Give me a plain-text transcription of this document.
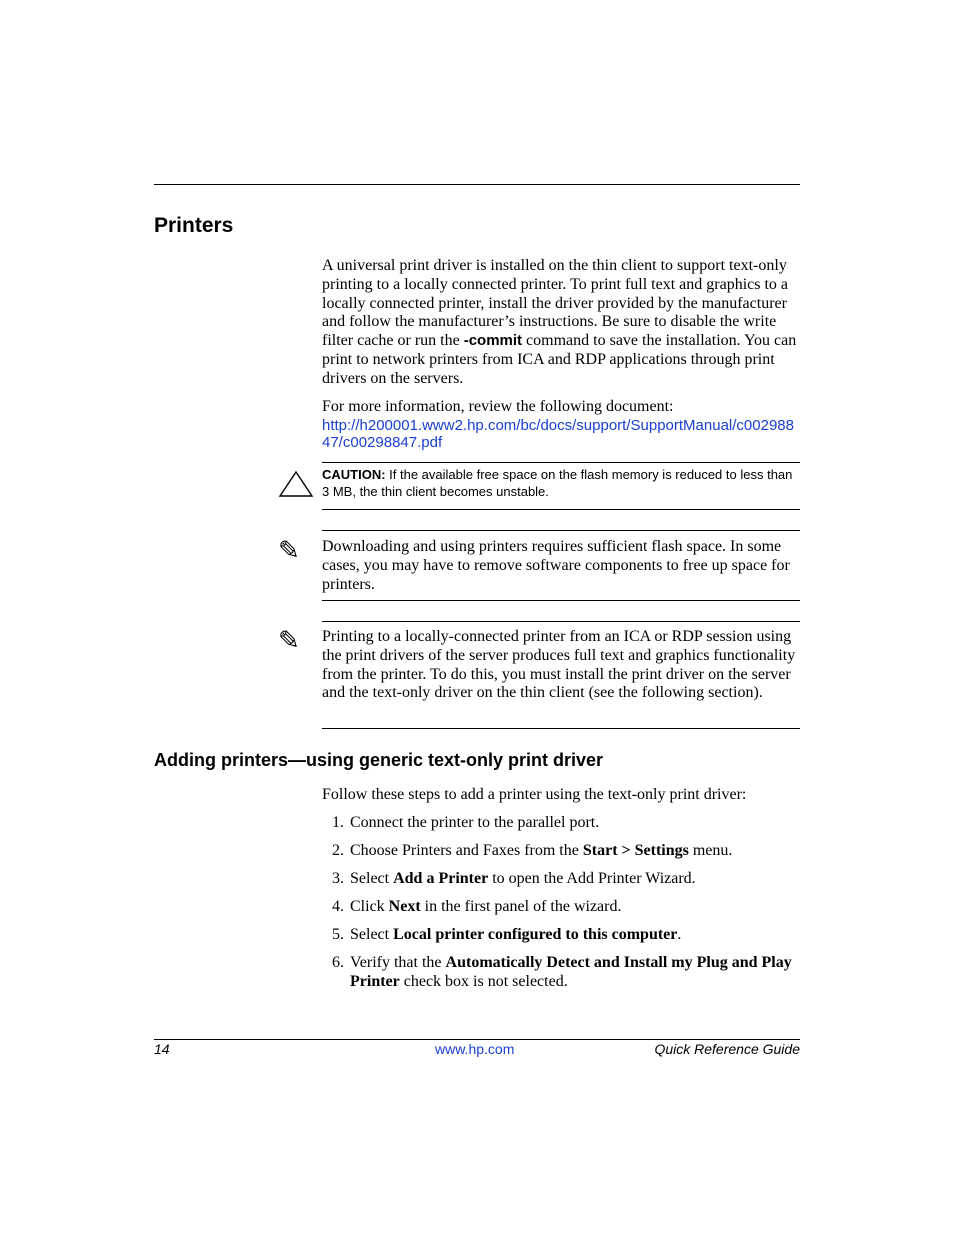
Printers

A universal print driver is installed on the thin client to support text-only printing to a locally connected printer. To print full text and graphics to a locally connected printer, install the driver provided by the manufacturer and follow the manufacturer’s instructions. Be sure to disable the write filter cache or run the -commit command to save the installation. You can print to network printers from ICA and RDP applications through print drivers on the servers.

For more information, review the following document:

http://h200001.www2.hp.com/bc/docs/support/SupportManual/c00298847/c00298847.pdf
CAUTION: If the available free space on the flash memory is reduced to less than 3 MB, the thin client becomes unstable.
✎ Downloading and using printers requires sufficient flash space. In some cases, you may have to remove software components to free up space for printers.

✎ Printing to a locally-connected printer from an ICA or RDP session using the print drivers of the server produces full text and graphics functionality from the printer. To do this, you must install the print driver on the server and the text-only driver on the thin client (see the following section).

Adding printers—using generic text-only print driver

Follow these steps to add a printer using the text-only print driver:

1. Connect the printer to the parallel port.
2. Choose Printers and Faxes from the Start > Settings menu.
3. Select Add a Printer to open the Add Printer Wizard.
4. Click Next in the first panel of the wizard.
5. Select Local printer configured to this computer.
6. Verify that the Automatically Detect and Install my Plug and Play Printer check box is not selected.
14	www.hp.com	Quick Reference Guide
